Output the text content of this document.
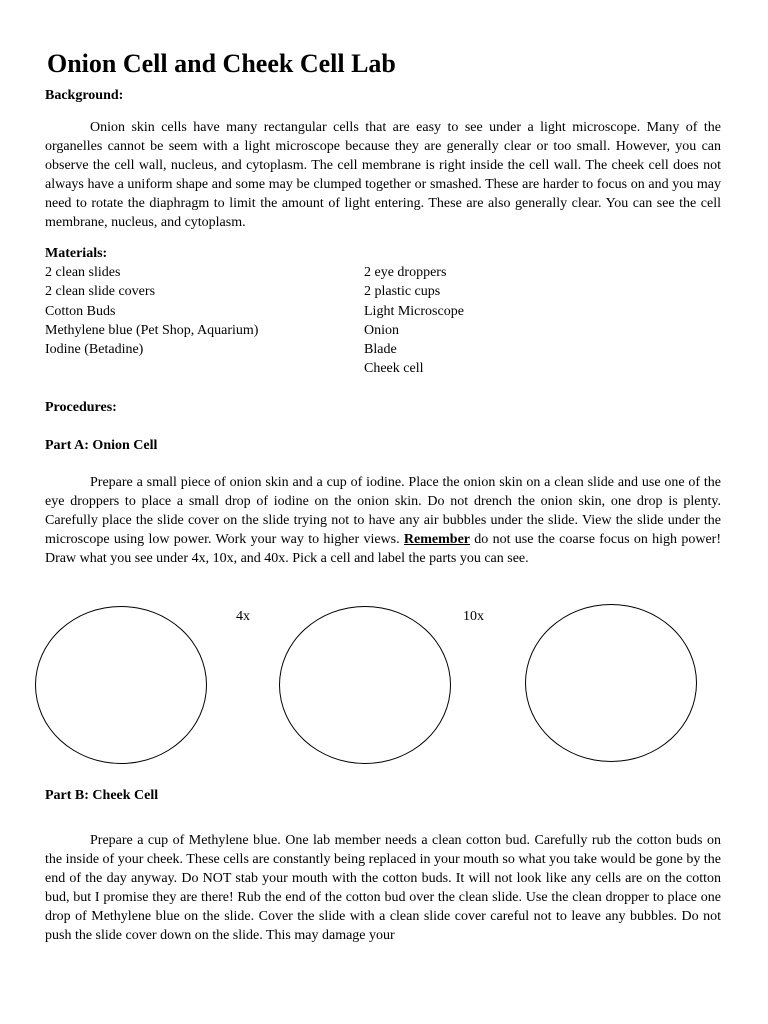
Onion Cell and Cheek Cell Lab
Background:

Onion skin cells have many rectangular cells that are easy to see under a light microscope. Many of the organelles cannot be seem with a light microscope because they are generally clear or too small. However, you can observe the cell wall, nucleus, and cytoplasm. The cell membrane is right inside the cell wall. The cheek cell does not always have a uniform shape and some may be clumped together or smashed. These are harder to focus on and you may need to rotate the diaphragm to limit the amount of light entering. These are also generally clear. You can see the cell membrane, nucleus, and cytoplasm.

Materials:
2 clean slides
2 clean slide covers
Cotton Buds
Methylene blue (Pet Shop, Aquarium)
Iodine (Betadine)
2 eye droppers
2 plastic cups
Light Microscope
Onion
Blade
Cheek cell
Procedures:
Part A: Onion Cell

Prepare a small piece of onion skin and a cup of iodine. Place the onion skin on a clean slide and use one of the eye droppers to place a small drop of iodine on the onion skin. Do not drench the onion skin, one drop is plenty. Carefully place the slide cover on the slide trying not to have any air bubbles under the slide. View the slide under the microscope using low power. Work your way to higher views. Remember do not use the coarse focus on high power! Draw what you see under 4x, 10x, and 40x. Pick a cell and label the parts you can see.

4x	10x
Part B: Cheek Cell

Prepare a cup of Methylene blue. One lab member needs a clean cotton bud. Carefully rub the cotton buds on the inside of your cheek. These cells are constantly being replaced in your mouth so what you take would be gone by the end of the day anyway. Do NOT stab your mouth with the cotton buds. It will not look like any cells are on the cotton bud, but I promise they are there! Rub the end of the cotton bud over the clean slide. Use the clean dropper to place one drop of Methylene blue on the slide. Cover the slide with a clean slide cover careful not to leave any bubbles. Do not push the slide cover down on the slide. This may damage your
